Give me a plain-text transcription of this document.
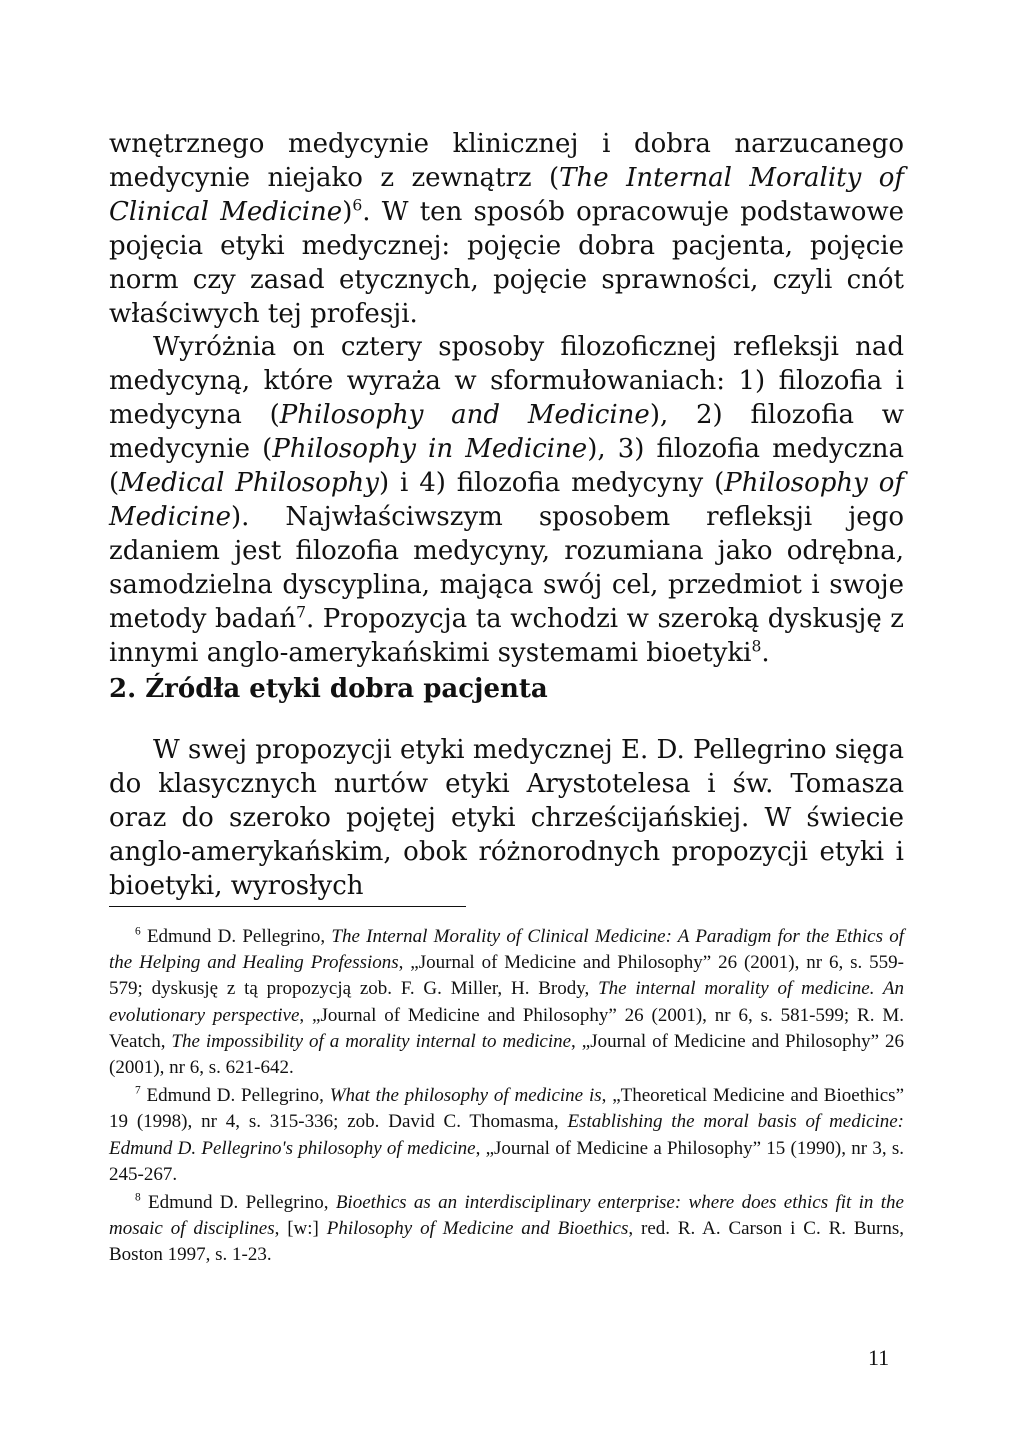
wnętrznego medycynie klinicznej i dobra narzucanego medycynie niejako z zewnątrz (The Internal Morality of Clinical Medicine)$^6$. W ten sposób opracowuje podstawowe pojęcia etyki medycznej: pojęcie dobra pacjenta, pojęcie norm czy zasad etycznych, pojęcie sprawności, czyli cnót właściwych tej profesji.

Wyróżnia on cztery sposoby filozoficznej refleksji nad medycyną, które wyraża w sformułowaniach: 1) filozofia i medycyna (Philosophy and Medicine), 2) filozofia w medycynie (Philosophy in Medicine), 3) filozofia medyczna (Medical Philosophy) i 4) filozofia medycyny (Philosophy of Medicine). Najwłaściwszym sposobem refleksji jego zdaniem jest filozofia medycyny, rozumiana jako odrębna, samodzielna dyscyplina, mająca swój cel, przedmiot i swoje metody badań$^7$. Propozycja ta wchodzi w szeroką dyskusję z innymi anglo-amerykańskimi systemami bioetyki$^8$.

2. Źródła etyki dobra pacjenta

W swej propozycji etyki medycznej E. D. Pellegrino sięga do klasycznych nurtów etyki Arystotelesa i św. Tomasza oraz do szeroko pojętej etyki chrześcijańskiej. W świecie anglo-amerykańskim, obok różnorodnych propozycji etyki i bioetyki, wyrosłych

$^6$ Edmund D. Pellegrino, The Internal Morality of Clinical Medicine: A Paradigm for the Ethics of the Helping and Healing Professions, „Journal of Medicine and Philosophy” 26 (2001), nr 6, s. 559-579; dyskusję z tą propozycją zob. F. G. Miller, H. Brody, The internal morality of medicine. An evolutionary perspective, „Journal of Medicine and Philosophy” 26 (2001), nr 6, s. 581-599; R. M. Veatch, The impossibility of a morality internal to medicine, „Journal of Medicine and Philosophy” 26 (2001), nr 6, s. 621-642.

$^7$ Edmund D. Pellegrino, What the philosophy of medicine is, „Theoretical Medicine and Bioethics” 19 (1998), nr 4, s. 315-336; zob. David C. Thomasma, Establishing the moral basis of medicine: Edmund D. Pellegrino's philosophy of medicine, „Journal of Medicine a Philosophy” 15 (1990), nr 3, s. 245-267.

$^8$ Edmund D. Pellegrino, Bioethics as an interdisciplinary enterprise: where does ethics fit in the mosaic of disciplines, [w:] Philosophy of Medicine and Bioethics, red. R. A. Carson i C. R. Burns, Boston 1997, s. 1-23.

11
